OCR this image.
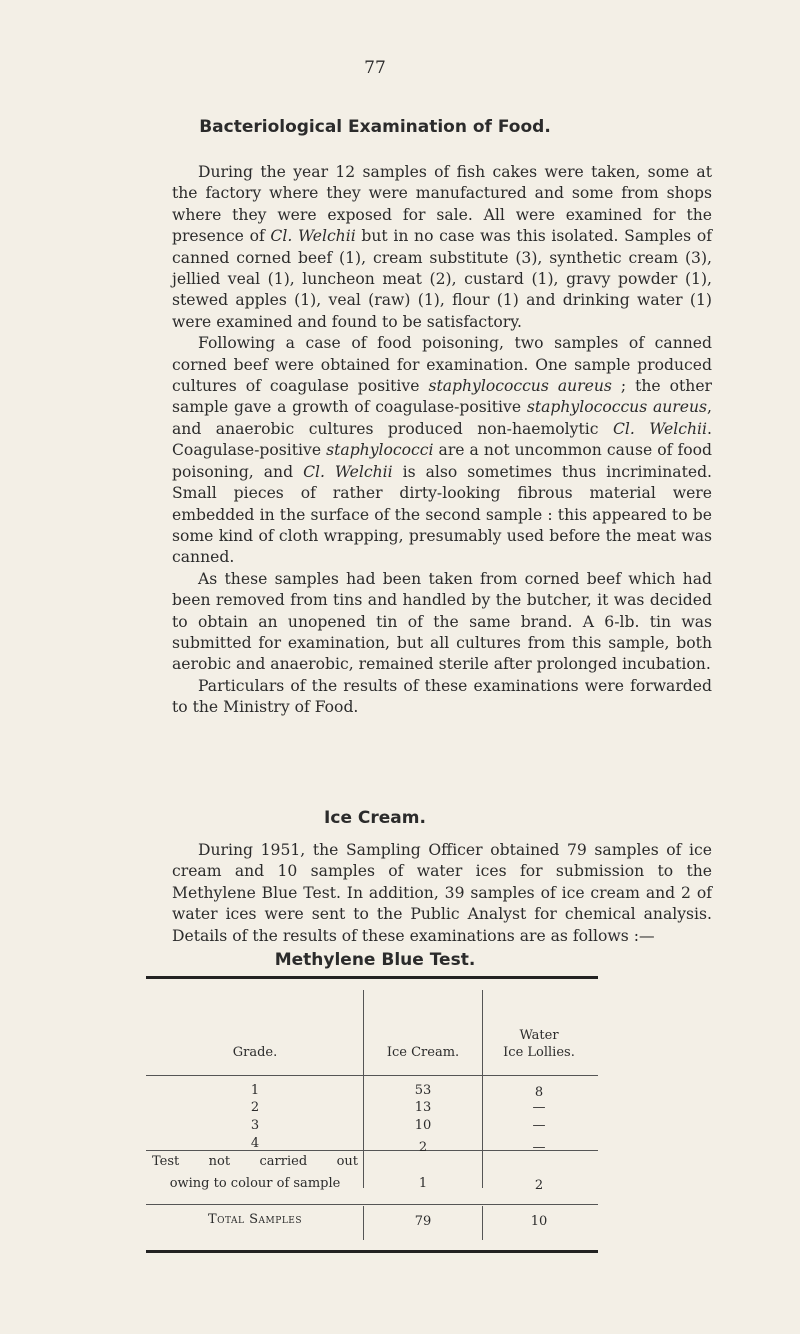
77
Bacteriological Examination of Food.

During the year 12 samples of fish cakes were taken, some at the factory where they were manufactured and some from shops where they were exposed for sale. All were examined for the presence of Cl. Welchii but in no case was this isolated. Samples of canned corned beef (1), cream substitute (3), synthetic cream (3), jellied veal (1), luncheon meat (2), custard (1), gravy powder (1), stewed apples (1), veal (raw) (1), flour (1) and drinking water (1) were examined and found to be satisfactory.

Following a case of food poisoning, two samples of canned corned beef were obtained for examination. One sample produced cultures of coagulase positive staphylococcus aureus ; the other sample gave a growth of coagulase-positive staphylococcus aureus, and anaerobic cultures produced non-haemolytic Cl. Welchii. Coagulase-positive staphylococci are a not uncommon cause of food poisoning, and Cl. Welchii is also sometimes thus incriminated. Small pieces of rather dirty-looking fibrous material were embedded in the surface of the second sample : this appeared to be some kind of cloth wrapping, presumably used before the meat was canned.

As these samples had been taken from corned beef which had been removed from tins and handled by the butcher, it was decided to obtain an unopened tin of the same brand. A 6-lb. tin was submitted for examination, but all cultures from this sample, both aerobic and anaerobic, remained sterile after prolonged incubation.

Particulars of the results of these examinations were forwarded to the Ministry of Food.

Ice Cream.

During 1951, the Sampling Officer obtained 79 samples of ice cream and 10 samples of water ices for submission to the Methylene Blue Test. In addition, 39 samples of ice cream and 2 of water ices were sent to the Public Analyst for chemical analysis. Details of the results of these examinations are as follows :—

Methylene Blue Test.
Grade.	Ice Cream.
Water
Ice Lollies.
1	53	8
2	13	—
3	10	—
4	2	—
Test not carried out
owing to colour of sample	1	2
Total Samples	79	10
